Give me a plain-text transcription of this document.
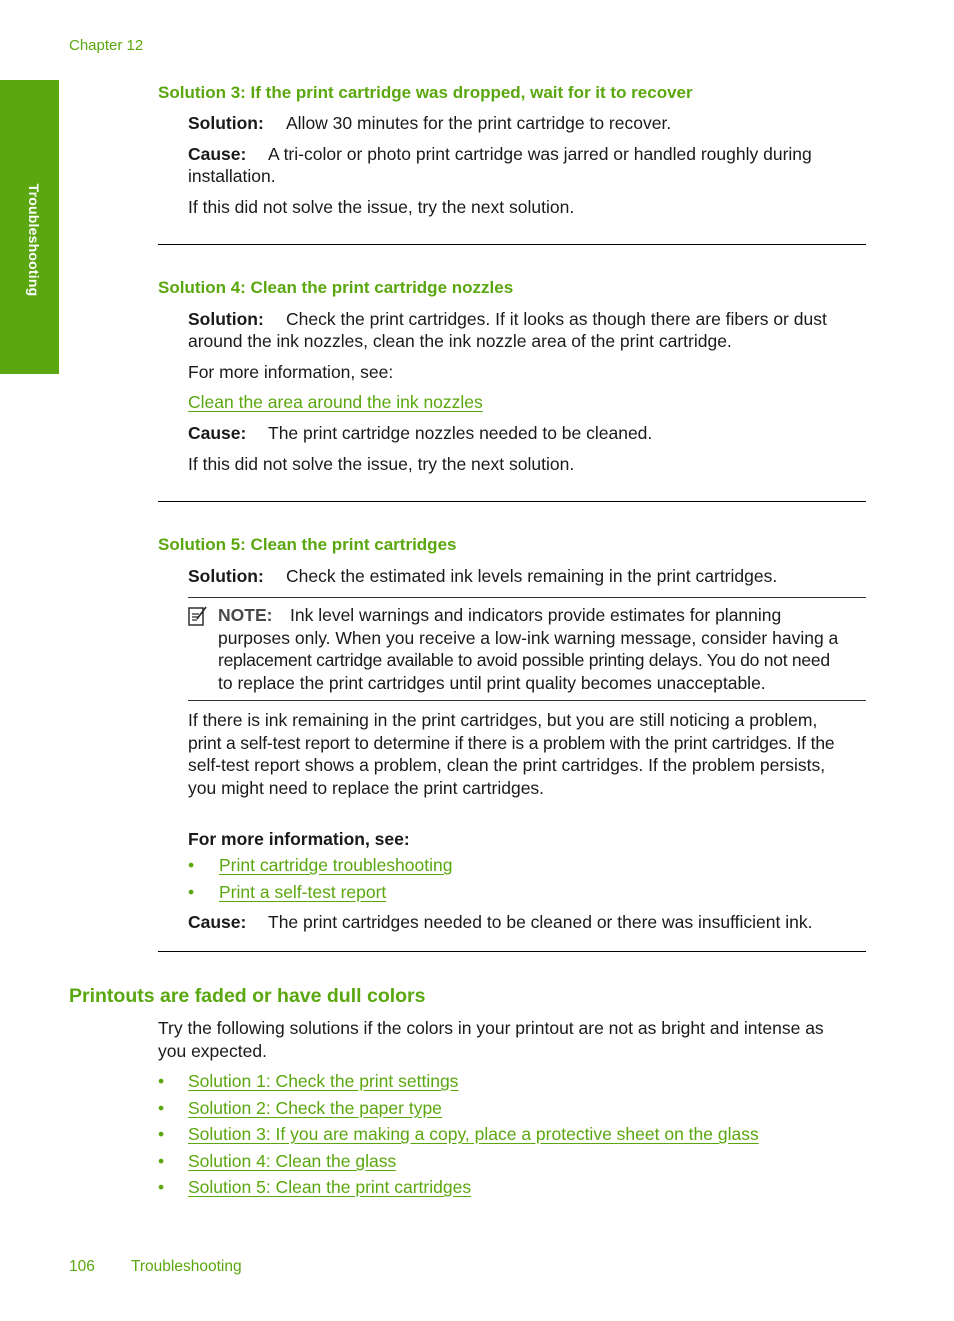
Chapter 12
Troubleshooting
Solution 3: If the print cartridge was dropped, wait for it to recover
Solution: Allow 30 minutes for the print cartridge to recover.
Cause: A tri-color or photo print cartridge was jarred or handled roughly during
installation.
If this did not solve the issue, try the next solution.
Solution 4: Clean the print cartridge nozzles
Solution: Check the print cartridges. If it looks as though there are fibers or dust
around the ink nozzles, clean the ink nozzle area of the print cartridge.
For more information, see:
Clean the area around the ink nozzles
Cause: The print cartridge nozzles needed to be cleaned.
If this did not solve the issue, try the next solution.
Solution 5: Clean the print cartridges
Solution: Check the estimated ink levels remaining in the print cartridges.
NOTE: Ink level warnings and indicators provide estimates for planning
purposes only. When you receive a low-ink warning message, consider having a
replacement cartridge available to avoid possible printing delays. You do not need
to replace the print cartridges until print quality becomes unacceptable.
If there is ink remaining in the print cartridges, but you are still noticing a problem,
print a self-test report to determine if there is a problem with the print cartridges. If the
self-test report shows a problem, clean the print cartridges. If the problem persists,
you might need to replace the print cartridges.
For more information, see:
• Print cartridge troubleshooting
• Print a self-test report
Cause: The print cartridges needed to be cleaned or there was insufficient ink.
Printouts are faded or have dull colors
Try the following solutions if the colors in your printout are not as bright and intense as
you expected.
• Solution 1: Check the print settings
• Solution 2: Check the paper type
• Solution 3: If you are making a copy, place a protective sheet on the glass
• Solution 4: Clean the glass
• Solution 5: Clean the print cartridges
106 Troubleshooting
